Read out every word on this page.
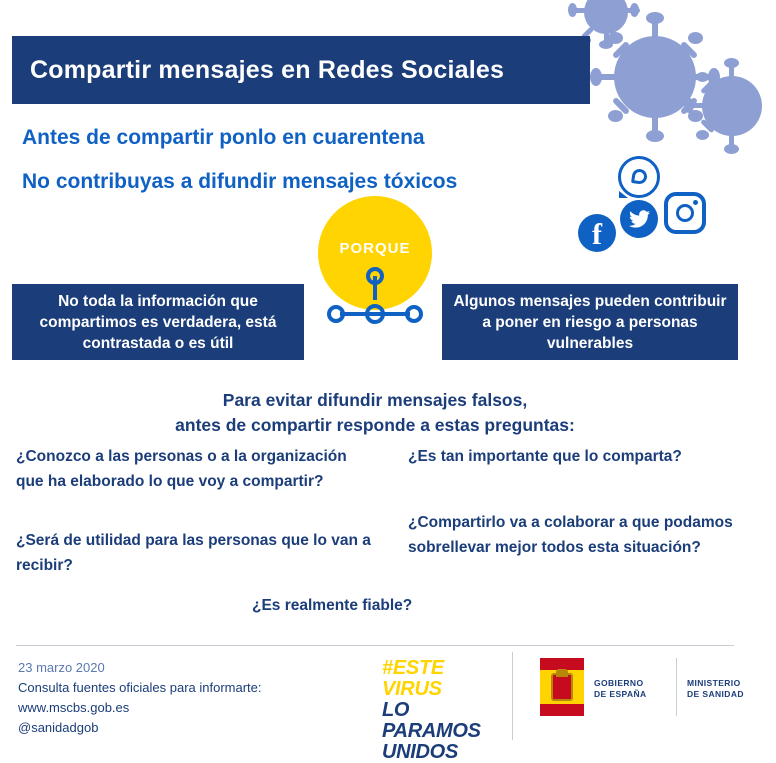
Compartir mensajes en Redes Sociales
Antes de compartir ponlo en cuarentena
No contribuyas a difundir mensajes tóxicos
f
PORQUE
No toda la información que compartimos es verdadera, está contrastada o es útil
Algunos mensajes pueden contribuir a poner en riesgo a personas vulnerables
Para evitar difundir mensajes falsos,
antes de compartir responde a estas preguntas:
¿Conozco a las personas o a la organización que ha elaborado lo que voy a compartir?
¿Será de utilidad para las personas que lo van a recibir?
¿Es tan importante que lo comparta?
¿Compartirlo va a colaborar a que podamos sobrellevar mejor todos esta situación?
¿Es realmente fiable?
23 marzo 2020
Consulta fuentes oficiales para informarte:
www.mscbs.gob.es
@sanidadgob
#ESTE
VIRUS
LO
PARAMOS
UNIDOS
GOBIERNO
DE ESPAÑA
MINISTERIO
DE SANIDAD
